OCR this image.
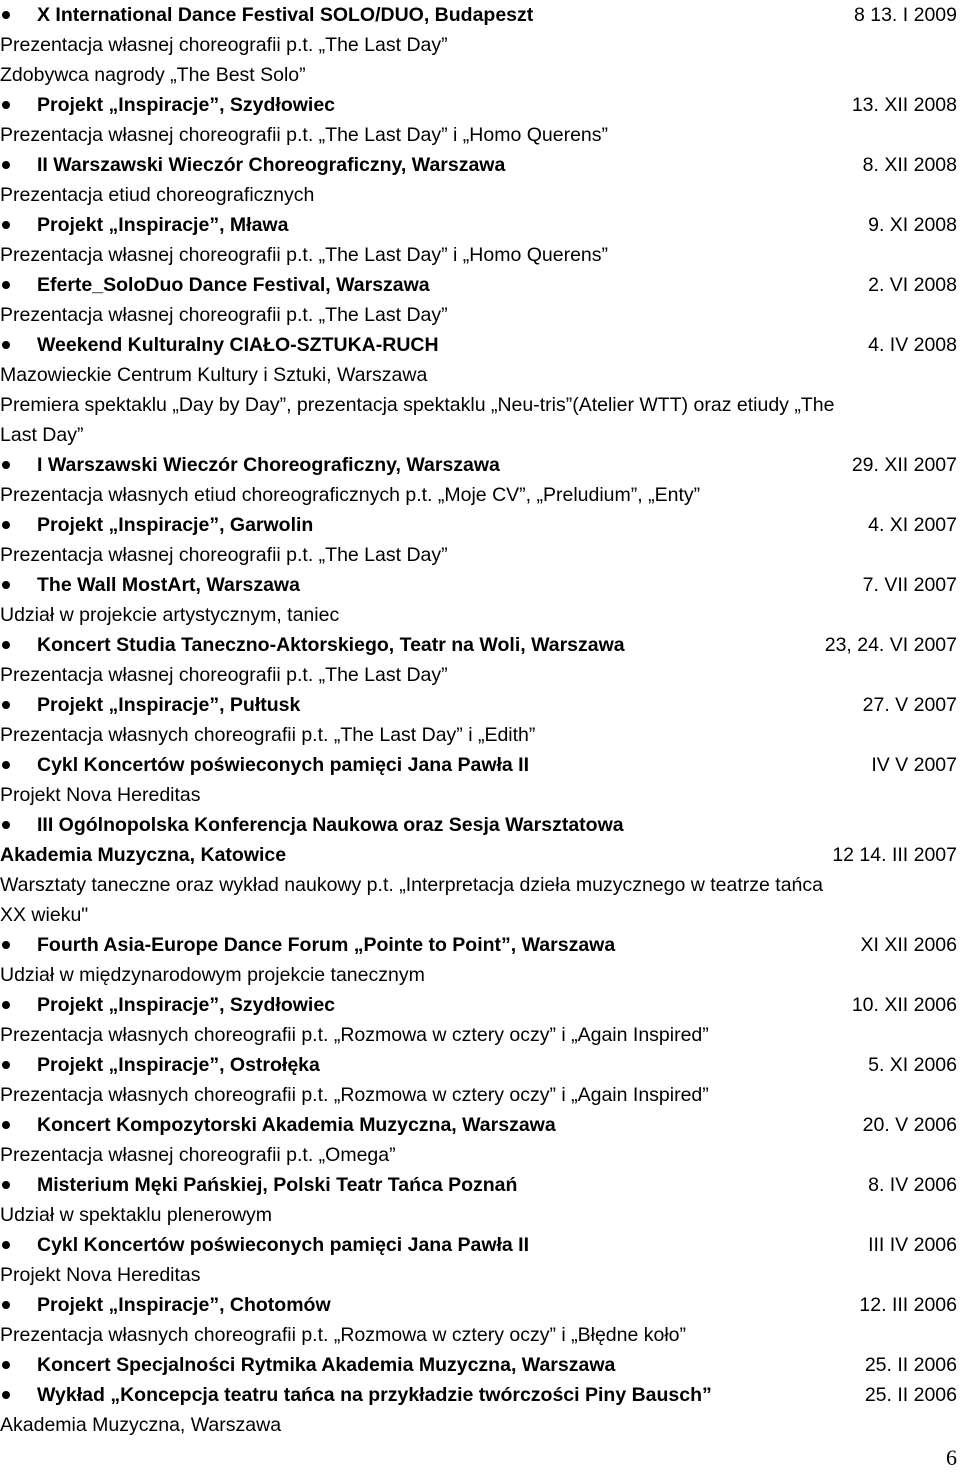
X International Dance Festival SOLO/DUO, Budapeszt	8 13. I 2009
Prezentacja własnej choreografii p.t. „The Last Day”
Zdobywca nagrody „The Best Solo”
Projekt „Inspiracje”, Szydłowiec	13. XII 2008
Prezentacja własnej choreografii p.t. „The Last Day” i „Homo Querens”
II Warszawski Wieczór Choreograficzny, Warszawa	8. XII 2008
Prezentacja etiud choreograficznych
Projekt „Inspiracje”, Mława	9. XI 2008
Prezentacja własnej choreografii p.t. „The Last Day” i „Homo Querens”
Eferte_SoloDuo Dance Festival, Warszawa	2. VI 2008
Prezentacja własnej choreografii p.t. „The Last Day”
Weekend Kulturalny CIAŁO-SZTUKA-RUCH	4. IV 2008
Mazowieckie Centrum Kultury i Sztuki, Warszawa
Premiera spektaklu „Day by Day”, prezentacja spektaklu „Neu-tris”(Atelier WTT) oraz etiudy „The
Last Day”
I Warszawski Wieczór Choreograficzny, Warszawa	29. XII 2007
Prezentacja własnych etiud choreograficznych p.t. „Moje CV”, „Preludium”, „Enty”
Projekt „Inspiracje”, Garwolin	4. XI 2007
Prezentacja własnej choreografii p.t. „The Last Day”
The Wall MostArt, Warszawa	7. VII 2007
Udział w projekcie artystycznym, taniec
Koncert Studia Taneczno-Aktorskiego, Teatr na Woli, Warszawa	23, 24. VI 2007
Prezentacja własnej choreografii p.t. „The Last Day”
Projekt „Inspiracje”, Pułtusk	27. V 2007
Prezentacja własnych choreografii p.t. „The Last Day” i „Edith”
Cykl Koncertów poświeconych pamięci Jana Pawła II	IV V 2007
Projekt Nova Hereditas
III Ogólnopolska Konferencja Naukowa oraz Sesja Warsztatowa
Akademia Muzyczna, Katowice	12 14. III 2007
Warsztaty taneczne oraz wykład naukowy p.t. „Interpretacja dzieła muzycznego w teatrze tańca
XX wieku"
Fourth Asia-Europe Dance Forum „Pointe to Point”, Warszawa	XI XII 2006
Udział w międzynarodowym projekcie tanecznym
Projekt „Inspiracje”, Szydłowiec	10. XII 2006
Prezentacja własnych choreografii p.t. „Rozmowa w cztery oczy” i „Again Inspired”
Projekt „Inspiracje”, Ostrołęka	5. XI 2006
Prezentacja własnych choreografii p.t. „Rozmowa w cztery oczy” i „Again Inspired”
Koncert Kompozytorski Akademia Muzyczna, Warszawa	20. V 2006
Prezentacja własnej choreografii p.t. „Omega”
Misterium Męki Pańskiej, Polski Teatr Tańca Poznań	8. IV 2006
Udział w spektaklu plenerowym
Cykl Koncertów poświeconych pamięci Jana Pawła II	III IV 2006
Projekt Nova Hereditas
Projekt „Inspiracje”, Chotomów	12. III 2006
Prezentacja własnych choreografii p.t. „Rozmowa w cztery oczy” i „Błędne koło”
Koncert Specjalności Rytmika Akademia Muzyczna, Warszawa	25. II 2006
Wykład „Koncepcja teatru tańca na przykładzie twórczości Piny Bausch”	25. II 2006
Akademia Muzyczna, Warszawa
6
